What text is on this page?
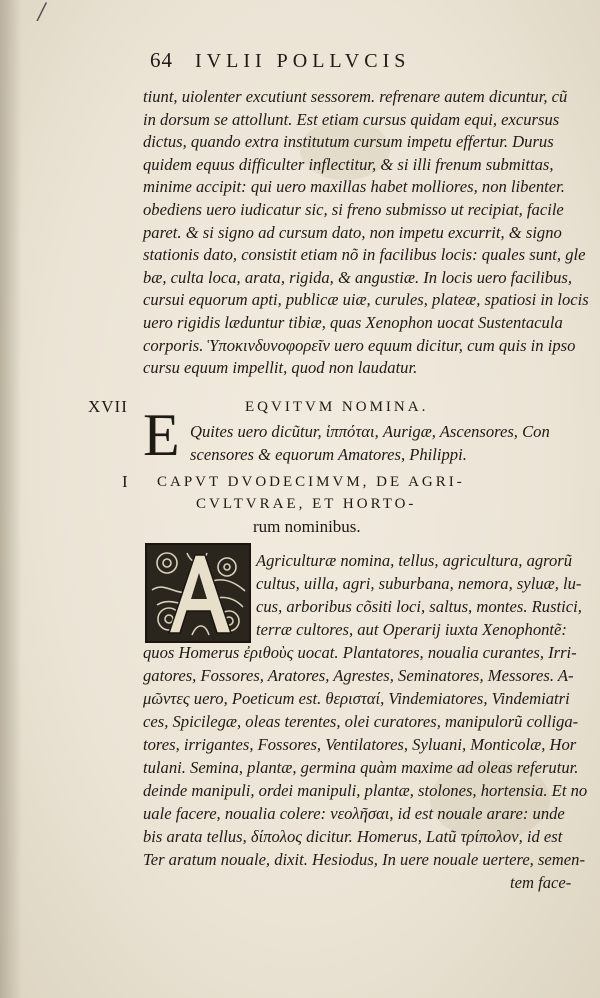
/
64 IVLII POLLVCIS
tiunt, uiolenter excutiunt sessorem. refrenare autem dicuntur, cũ
in dorsum se attollunt. Est etiam cursus quidam equi, excursus
dictus, quando extra institutum cursum impetu effertur. Durus
quidem equus difficulter inflectitur, & si illi frenum submittas,
minime accipit: qui uero maxillas habet molliores, non libenter.
obediens uero iudicatur sic, si freno submisso ut recipiat, facile
paret. & si signo ad cursum dato, non impetu excurrit, & signo
stationis dato, consistit etiam nõ in facilibus locis: quales sunt, gle
bæ, culta loca, arata, rigida, & angustiæ. In locis uero facilibus,
cursui equorum apti, publicæ uiæ, curules, plateæ, spatiosi in locis
uero rigidis læduntur tibiæ, quas Xenophon uocat Sustentacula
corporis. Ὑποκινδυνοφορεῖν uero equum dicitur, cum quis in ipso
cursu equum impellit, quod non laudatur.
XVII	EQVITVM NOMINA.
E Quites uero dicũtur, ἱππόται, Aurigæ, Ascensores, Con
scensores & equorum Amatores, Philippi.
I CAPVT DVODECIMVM, DE AGRI-
CVLTVRAE, ET HORTO-
rum nominibus.
Agriculturæ nomina, tellus, agricultura, agrorũ
cultus, uilla, agri, suburbana, nemora, syluæ, lu-
cus, arboribus cõsiti loci, saltus, montes. Rustici,
terræ cultores, aut Operarij iuxta Xenophontẽ:
quos Homerus ἐριθοὺς uocat. Plantatores, noualia curantes, Irri-
gatores, Fossores, Aratores, Agrestes, Seminatores, Messores. A-
μῶντες uero, Poeticum est. θερισταί, Vindemiatores, Vindemiatri
ces, Spicilegæ, oleas terentes, olei curatores, manipulorũ colliga-
tores, irrigantes, Fossores, Ventilatores, Syluani, Monticolæ, Hor
tulani. Semina, plantæ, germina quàm maxime ad oleas referutur.
deinde manipuli, ordei manipuli, plantæ, stolones, hortensia. Et no
uale facere, noualia colere: νεολῆσαι, id est nouale arare: unde
bis arata tellus, δίπολος dicitur. Homerus, Latũ τρίπολον, id est
Ter aratum nouale, dixit. Hesiodus, In uere nouale uertere, semen-
tem face-
